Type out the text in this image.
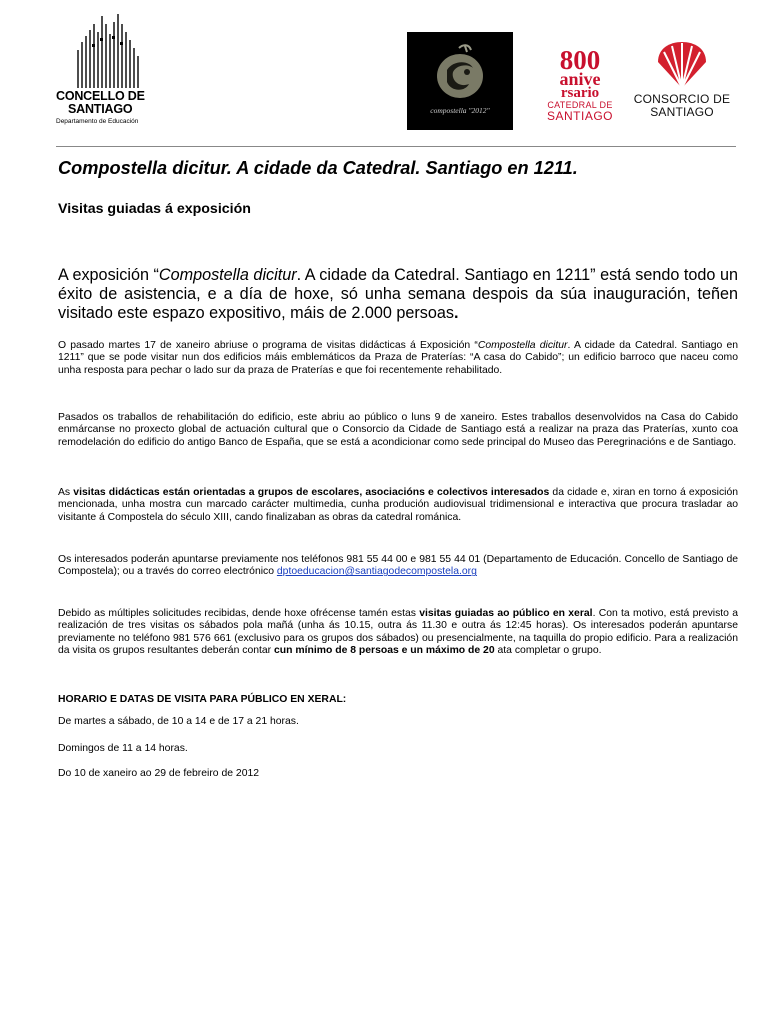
CONCELLO DE
SANTIAGO
Departamento de Educación
compostella "2012"
800
anive
rsario
CATEDRAL DE
SANTIAGO
CONSORCIO DE
SANTIAGO
Compostella dicitur. A cidade da Catedral. Santiago en 1211.
Visitas guiadas á exposición
A exposición “Compostella dicitur. A cidade da Catedral. Santiago en 1211” está sendo todo un éxito de asistencia, e a día de hoxe, só unha semana despois da súa inauguración, teñen visitado este espazo expositivo, máis de 2.000 persoas.
O pasado martes 17 de xaneiro abriuse o programa de visitas didácticas á Exposición “Compostella dicitur. A cidade da Catedral. Santiago en 1211” que se pode visitar nun dos edificios máis emblemáticos da Praza de Praterías: “A casa do Cabido”; un edificio barroco que naceu como unha resposta para pechar o lado sur da praza de Praterías e que foi recentemente rehabilitado.
Pasados os traballos de rehabilitación do edificio, este abriu ao público o luns 9 de xaneiro. Estes traballos desenvolvidos na Casa do Cabido enmárcanse no proxecto global de actuación cultural que o Consorcio da Cidade de Santiago está a realizar na praza das Praterías, xunto coa remodelación do edificio do antigo Banco de España, que se está a acondicionar como sede principal do Museo das Peregrinacións e de Santiago.
As visitas didácticas están orientadas a grupos de escolares, asociacións e colectivos interesados da cidade e, xiran en torno á exposición mencionada, unha mostra cun marcado carácter multimedia, cunha produción audiovisual tridimensional e interactiva que procura trasladar ao visitante á Compostela do século XIII, cando finalizaban as obras da catedral románica.
Os interesados poderán apuntarse previamente nos teléfonos 981 55 44 00 e 981 55 44 01 (Departamento de Educación. Concello de Santiago de Compostela); ou a través do correo electrónico dptoeducacion@santiagodecompostela.org
Debido as múltiples solicitudes recibidas, dende hoxe ofrécense tamén estas visitas guiadas ao público en xeral. Con ta motivo, está previsto a realización de tres visitas os sábados pola mañá (unha ás 10.15, outra ás 11.30 e outra ás 12:45 horas). Os interesados poderán apuntarse previamente no teléfono 981 576 661 (exclusivo para os grupos dos sábados) ou presencialmente, na taquilla do propio edificio. Para a realización da visita os grupos resultantes deberán contar cun mínimo de 8 persoas e un máximo de 20 ata completar o grupo.
HORARIO E DATAS DE VISITA PARA PÚBLICO EN XERAL:
De martes a sábado, de 10 a 14 e de 17 a 21 horas.
Domingos de 11 a 14 horas.
Do 10 de xaneiro ao 29 de febreiro de 2012
